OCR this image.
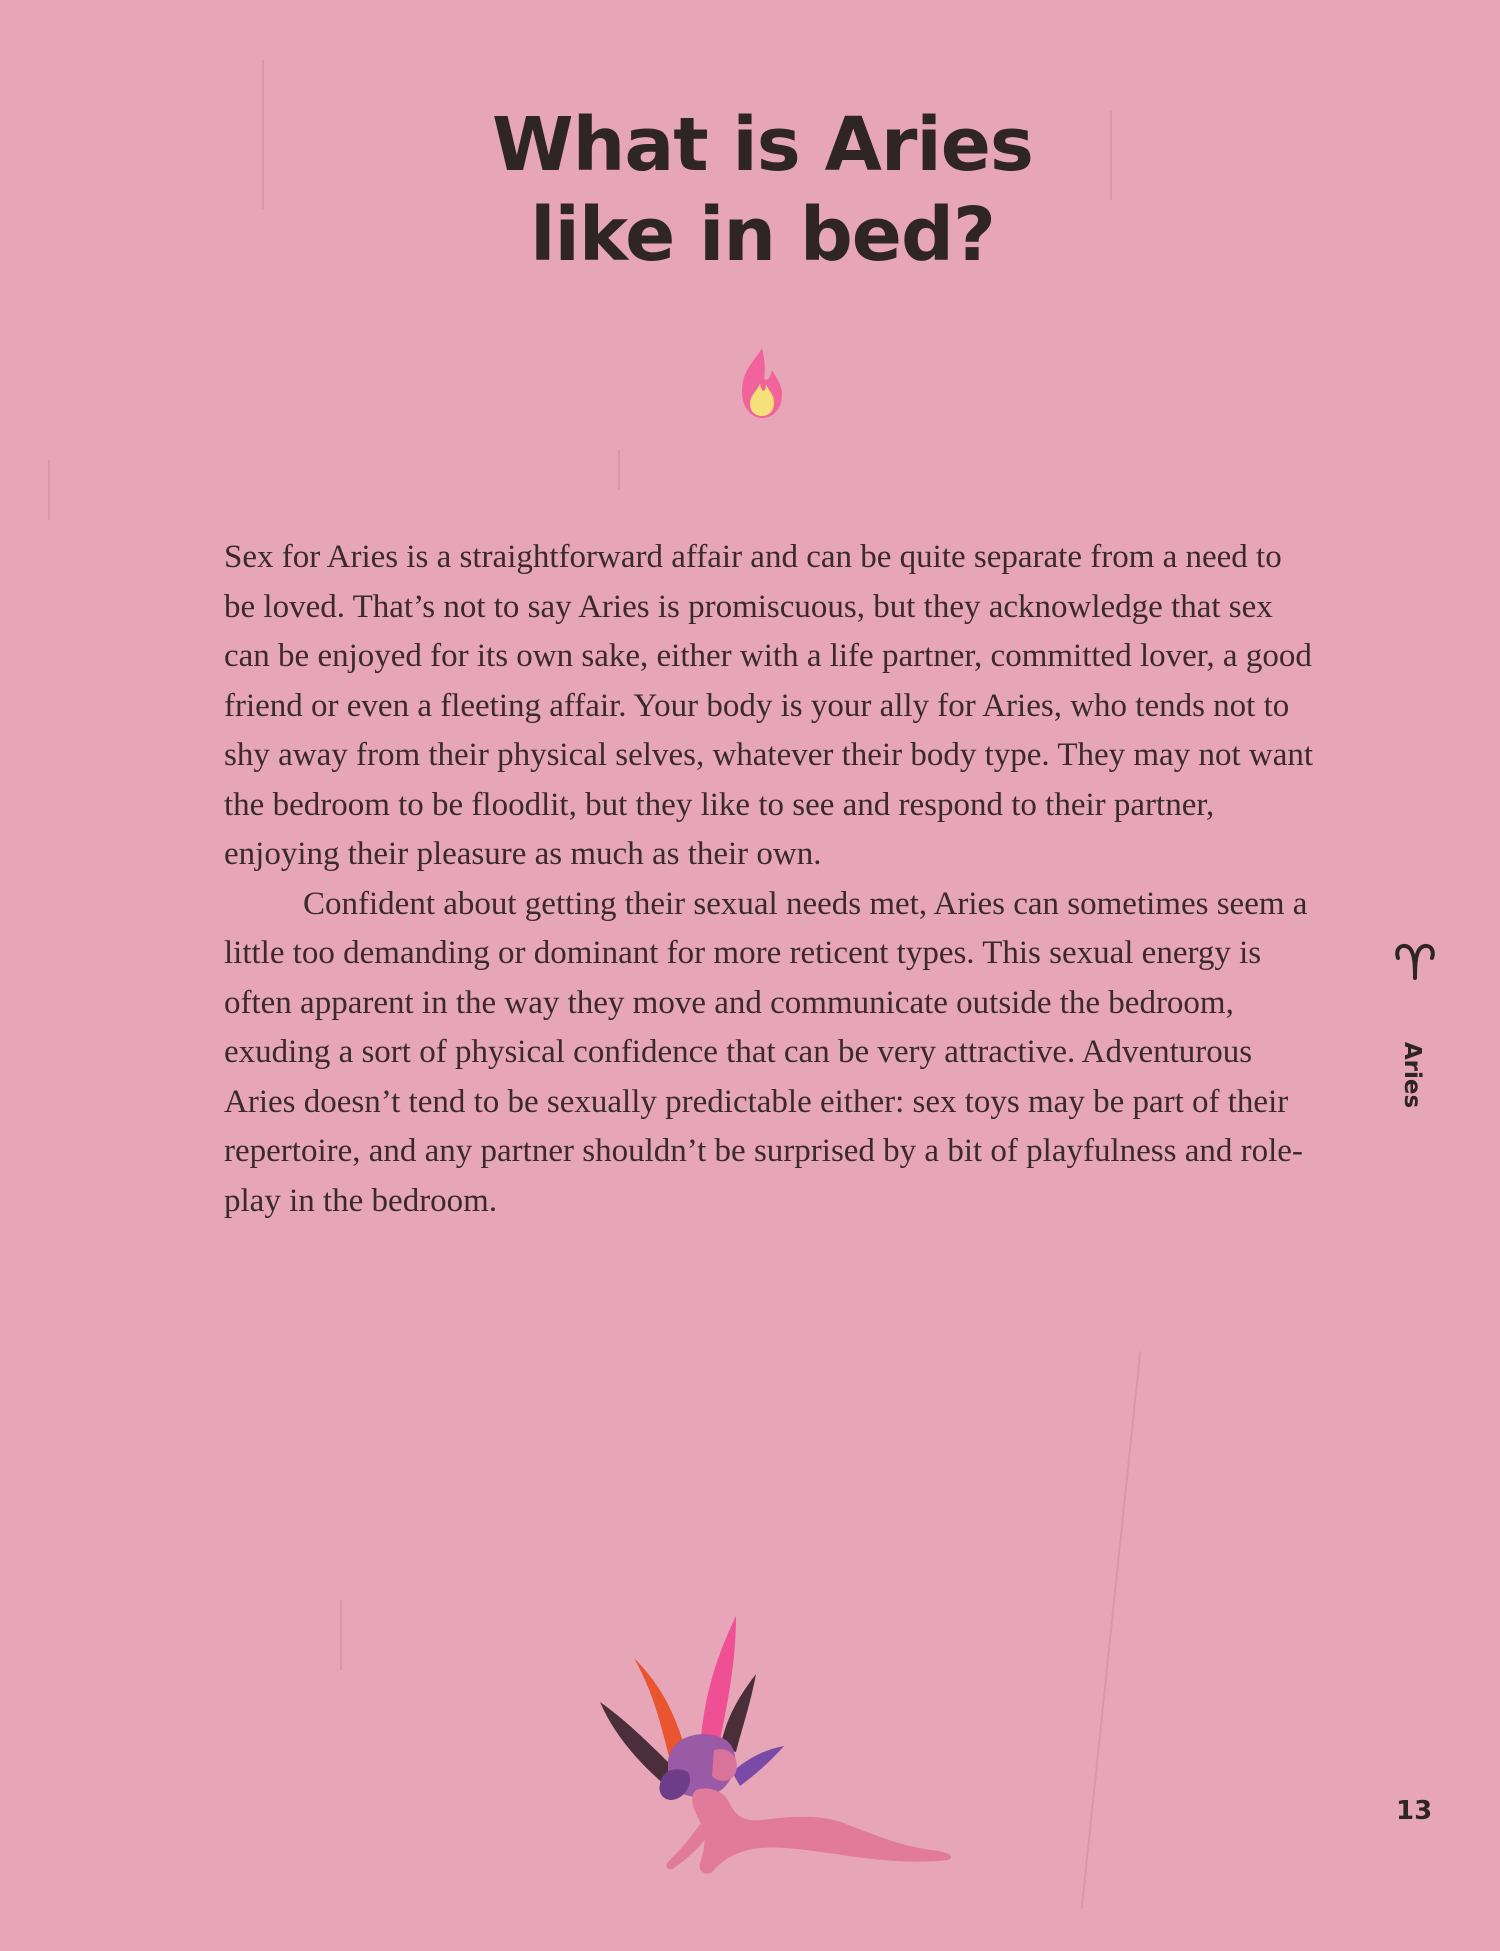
What is Aries
like in bed?

Sex for Aries is a straightforward affair and can be quite separate from a need to be loved. That’s not to say Aries is promiscuous, but they acknowledge that sex can be enjoyed for its own sake, either with a life partner, committed lover, a good friend or even a fleeting affair. Your body is your ally for Aries, who tends not to shy away from their physical selves, whatever their body type. They may not want the bedroom to be floodlit, but they like to see and respond to their partner, enjoying their pleasure as much as their own.

Confident about getting their sexual needs met, Aries can sometimes seem a little too demanding or dominant for more reticent types. This sexual energy is often apparent in the way they move and communicate outside the bedroom, exuding a sort of physical confidence that can be very attractive. Adventurous Aries doesn’t tend to be sexually predictable either: sex toys may be part of their repertoire, and any partner shouldn’t be surprised by a bit of playfulness and role-play in the bedroom.

Aries
13
